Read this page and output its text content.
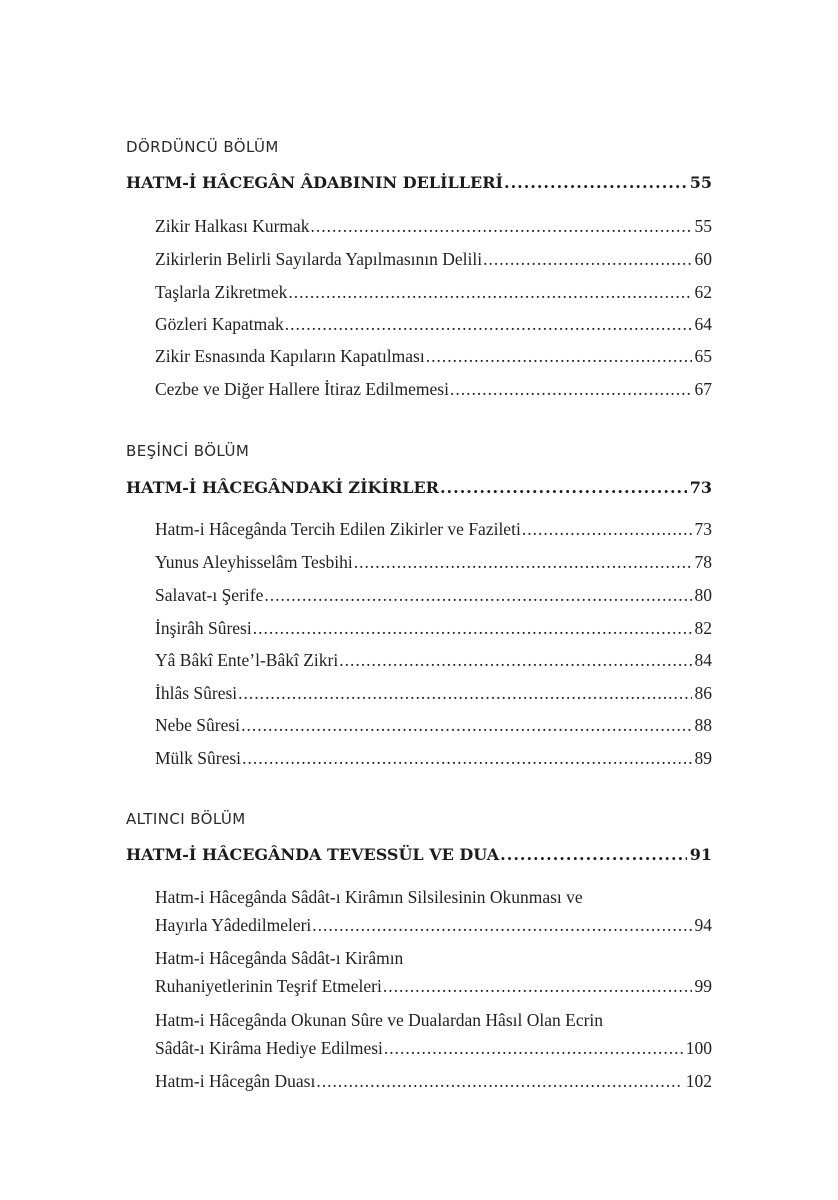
DÖRDÜNCÜ BÖLÜM
HATM-İ HÂCEGÂN ÂDABININ DELİLLERİ .....	55
Zikir Halkası Kurmak .....	55
Zikirlerin Belirli Sayılarda Yapılmasının Delili .....	60
Taşlarla Zikretmek .....	62
Gözleri Kapatmak .....	64
Zikir Esnasında Kapıların Kapatılması .....	65
Cezbe ve Diğer Hallere İtiraz Edilmemesi .....	67
BEŞİNCİ BÖLÜM
HATM-İ HÂCEGÂNDAKİ ZİKİRLER .....	73
Hatm-i Hâcegânda Tercih Edilen Zikirler ve Fazileti .....	73
Yunus Aleyhisselâm Tesbihi .....	78
Salavat-ı Şerife .....	80
İnşirâh Sûresi .....	82
Yâ Bâkî Ente’l-Bâkî Zikri .....	84
İhlâs Sûresi .....	86
Nebe Sûresi .....	88
Mülk Sûresi .....	89
ALTINCI BÖLÜM
HATM-İ HÂCEGÂNDA TEVESSÜL VE DUA .....	91
Hatm-i Hâcegânda Sâdât-ı Kirâmın Silsilesinin Okunması ve
Hayırla Yâdedilmeleri .....	94
Hatm-i Hâcegânda Sâdât-ı Kirâmın
Ruhaniyetlerinin Teşrif Etmeleri .....	99
Hatm-i Hâcegânda Okunan Sûre ve Dualardan Hâsıl Olan Ecrin
Sâdât-ı Kirâma Hediye Edilmesi .....	100
Hatm-i Hâcegân Duası .....	102
